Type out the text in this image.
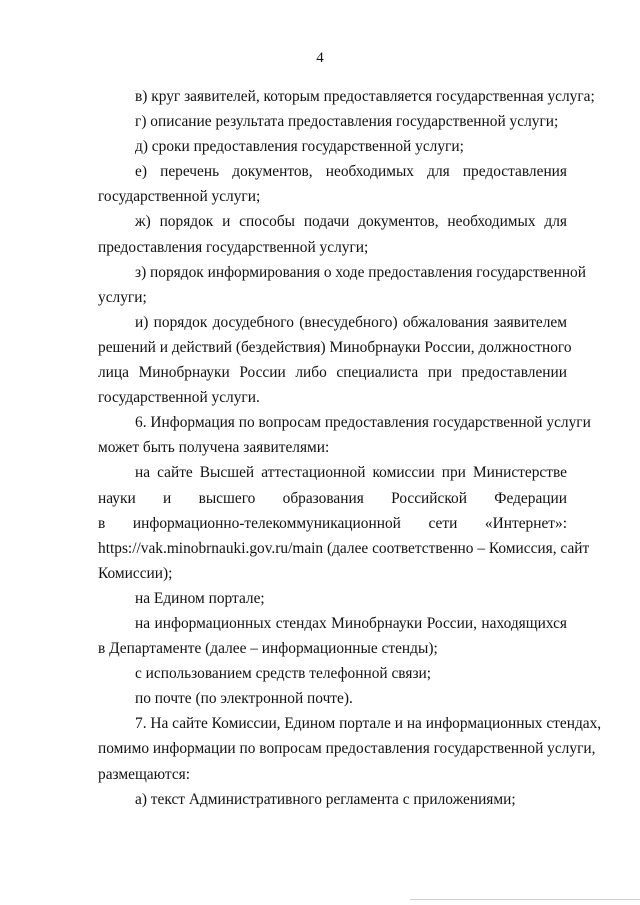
4
в) круг заявителей, которым предоставляется государственная услуга;
г) описание результата предоставления государственной услуги;
д) сроки предоставления государственной услуги;
е) перечень документов, необходимых для предоставления
государственной услуги;
ж) порядок и способы подачи документов, необходимых для
предоставления государственной услуги;
з) порядок информирования о ходе предоставления государственной
услуги;
и) порядок досудебного (внесудебного) обжалования заявителем
решений и действий (бездействия) Минобрнауки России, должностного
лица Минобрнауки России либо специалиста при предоставлении
государственной услуги.
6. Информация по вопросам предоставления государственной услуги
может быть получена заявителями:
на сайте Высшей аттестационной комиссии при Министерстве
науки и высшего образования Российской Федерации
в информационно-телекоммуникационной сети «Интернет»:
https://vak.minobrnauki.gov.ru/main (далее соответственно – Комиссия, сайт
Комиссии);
на Едином портале;
на информационных стендах Минобрнауки России, находящихся
в Департаменте (далее – информационные стенды);
с использованием средств телефонной связи;
по почте (по электронной почте).
7. На сайте Комиссии, Едином портале и на информационных стендах,
помимо информации по вопросам предоставления государственной услуги,
размещаются:
а) текст Административного регламента с приложениями;
